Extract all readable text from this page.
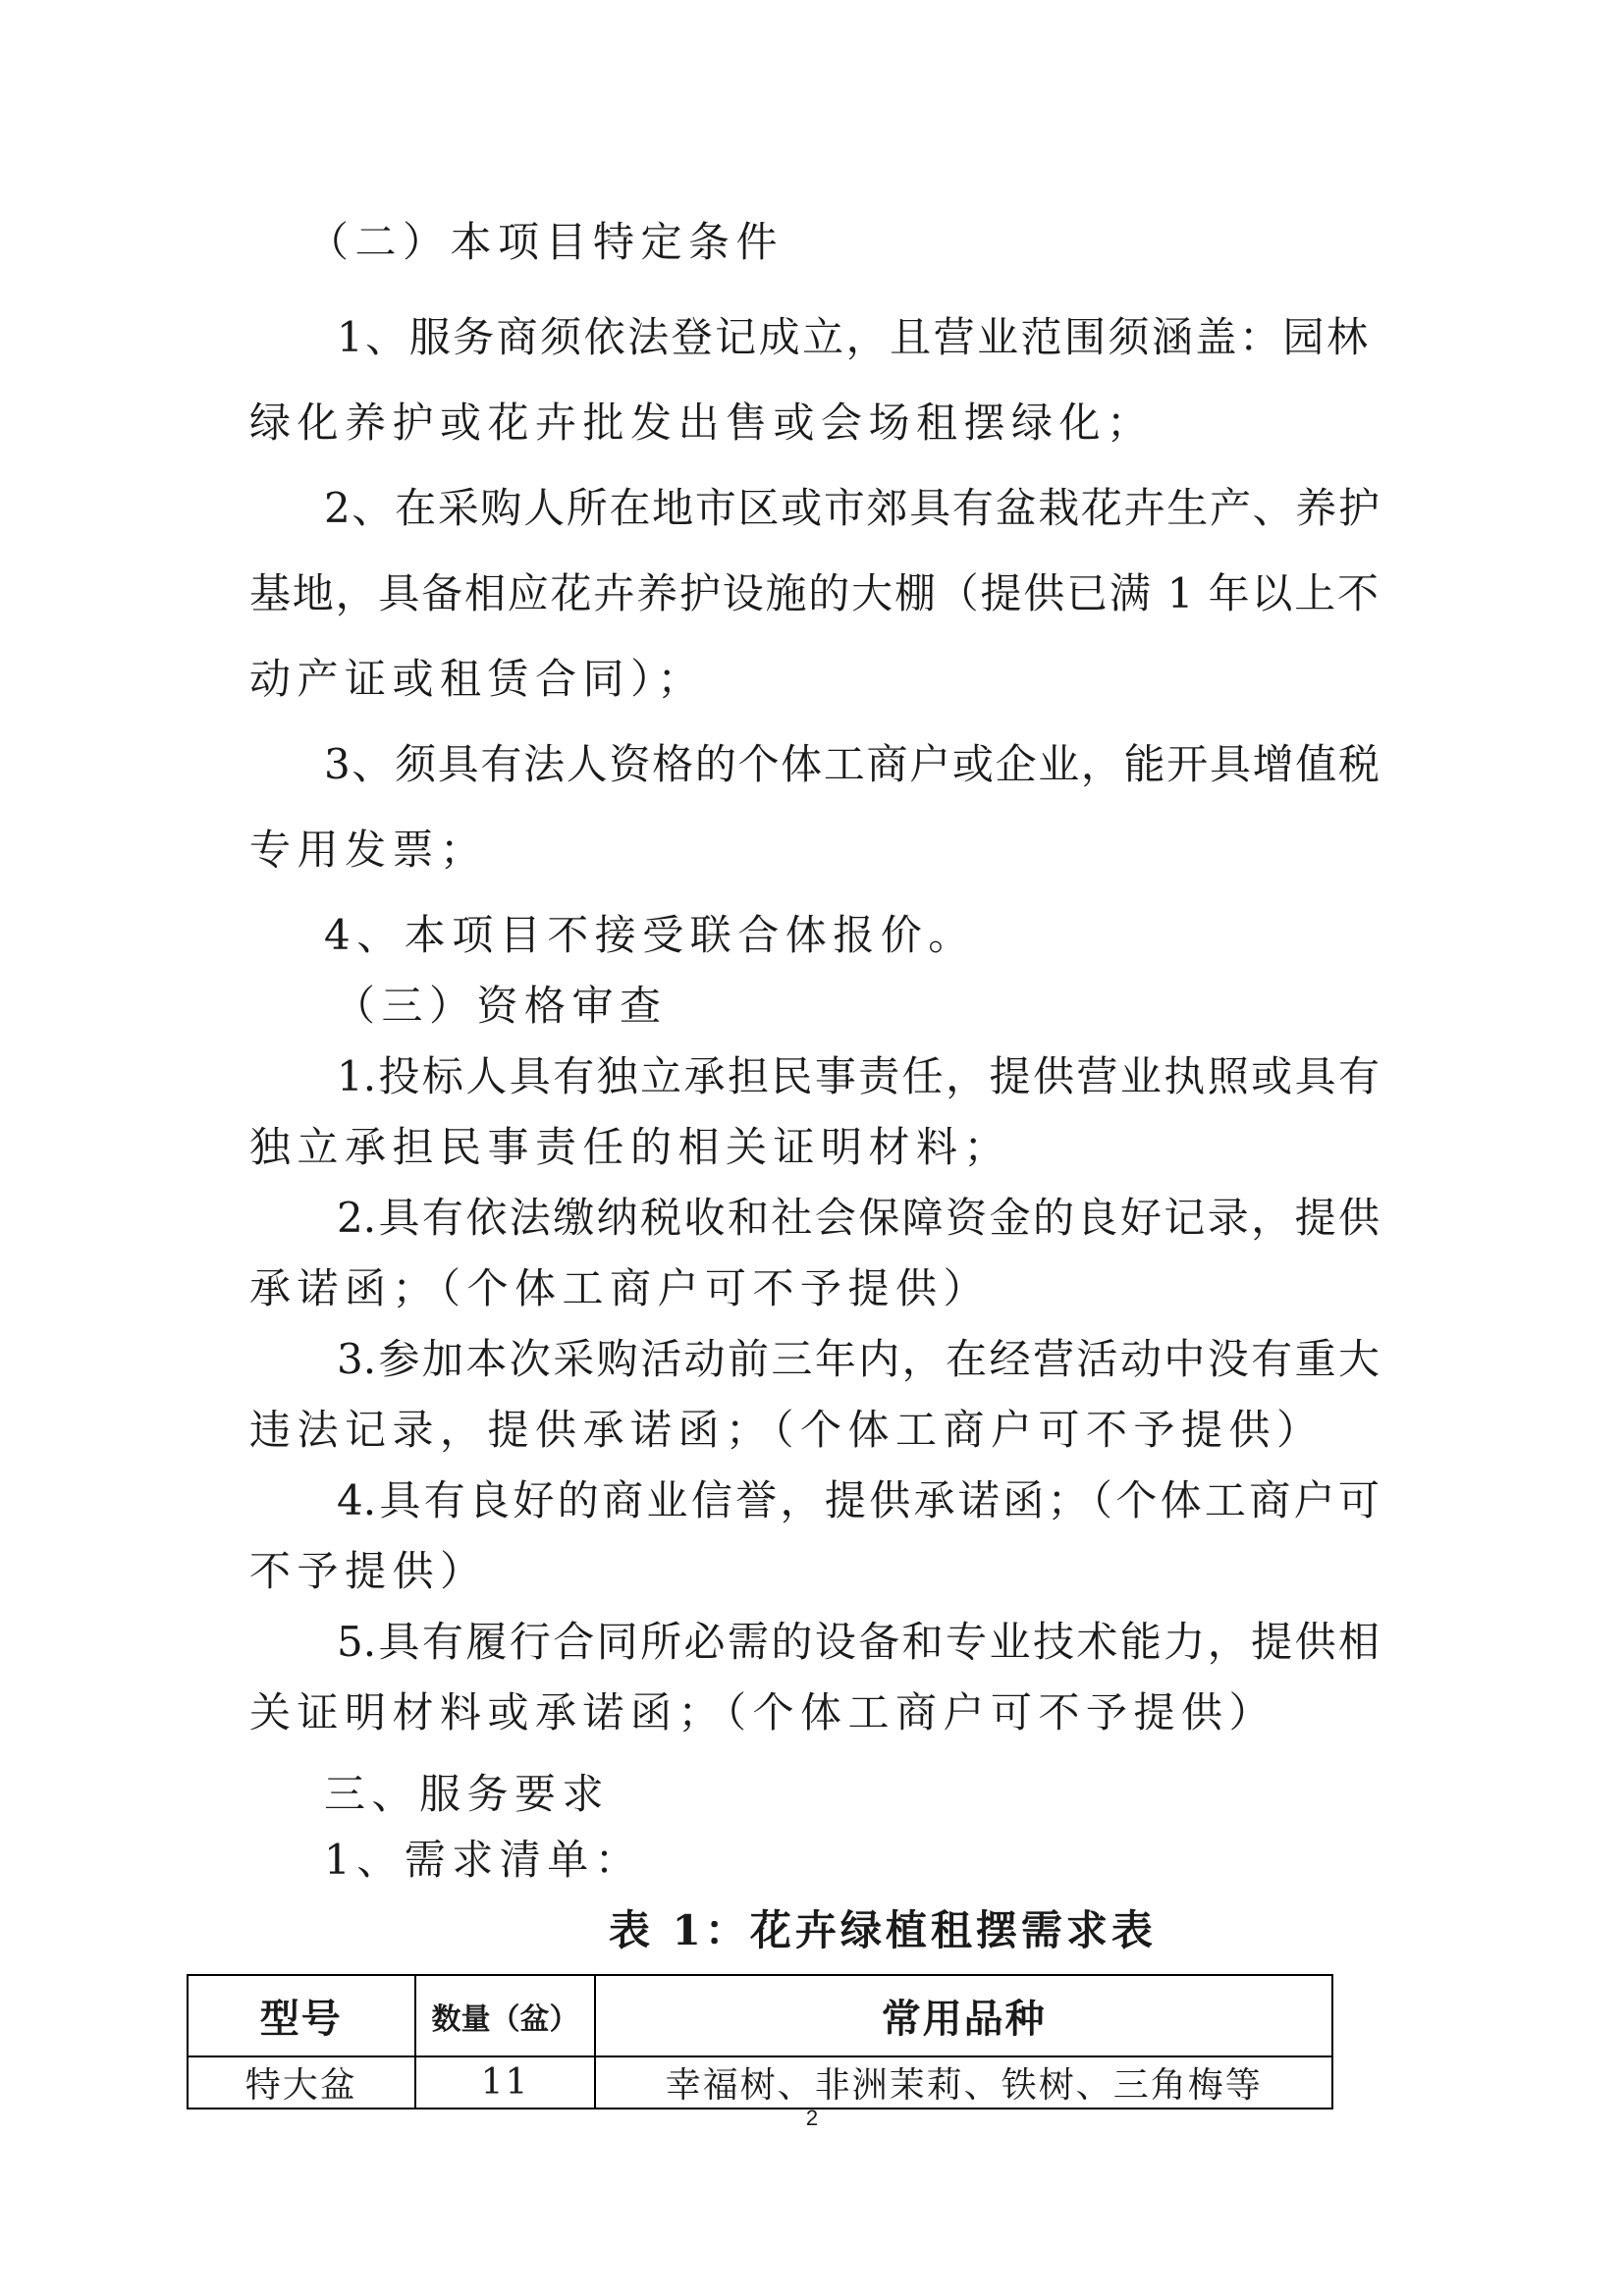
（二）本项目特定条件
1、服务商须依法登记成立，且营业范围须涵盖：园林
绿化养护或花卉批发出售或会场租摆绿化；
2、在采购人所在地市区或市郊具有盆栽花卉生产、养护
基地，具备相应花卉养护设施的大棚（提供已满 1 年以上不
动产证或租赁合同）；
3、须具有法人资格的个体工商户或企业，能开具增值税
专用发票；
4、本项目不接受联合体报价。
（三）资格审查
1.投标人具有独立承担民事责任，提供营业执照或具有
独立承担民事责任的相关证明材料；
2.具有依法缴纳税收和社会保障资金的良好记录，提供
承诺函；（个体工商户可不予提供）
3.参加本次采购活动前三年内，在经营活动中没有重大
违法记录，提供承诺函；（个体工商户可不予提供）
4.具有良好的商业信誉，提供承诺函；（个体工商户可
不予提供）
5.具有履行合同所必需的设备和专业技术能力，提供相
关证明材料或承诺函；（个体工商户可不予提供）
三、服务要求
1、需求清单：
表 1：花卉绿植租摆需求表
型号	数量（盆）	常用品种
特大盆	11	幸福树、非洲茉莉、铁树、三角梅等
2
